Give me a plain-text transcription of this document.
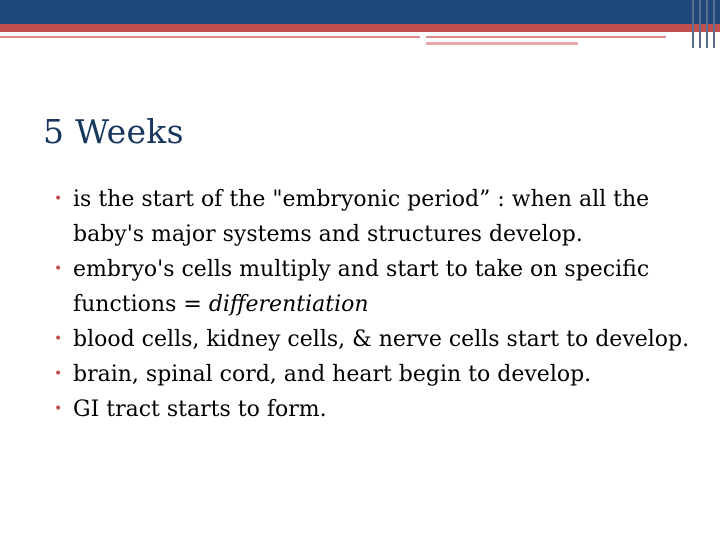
5 Weeks
• is the start of the "embryonic period” : when all the baby's major systems and structures develop.
• embryo's cells multiply and start to take on specific functions = differentiation
• blood cells, kidney cells, & nerve cells start to develop.
• brain, spinal cord, and heart begin to develop.
• GI tract starts to form.
